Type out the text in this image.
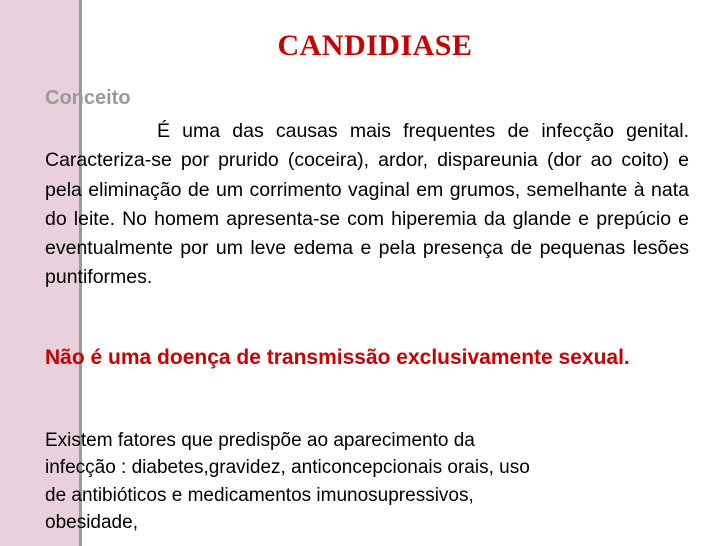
CANDIDIASE
Conceito

É uma das causas mais frequentes de infecção genital. Caracteriza-se por prurido (coceira), ardor, dispareunia (dor ao coito) e pela eliminação de um corrimento vaginal em grumos, semelhante à nata do leite. No homem apresenta-se com hiperemia da glande e prepúcio e eventualmente por um leve edema e pela presença de pequenas lesões puntiformes.

Não é uma doença de transmissão exclusivamente sexual.

Existem fatores que predispõe ao aparecimento da
infecção : diabetes,gravidez, anticoncepcionais orais, uso
de antibióticos e medicamentos imunosupressivos,
obesidade,
